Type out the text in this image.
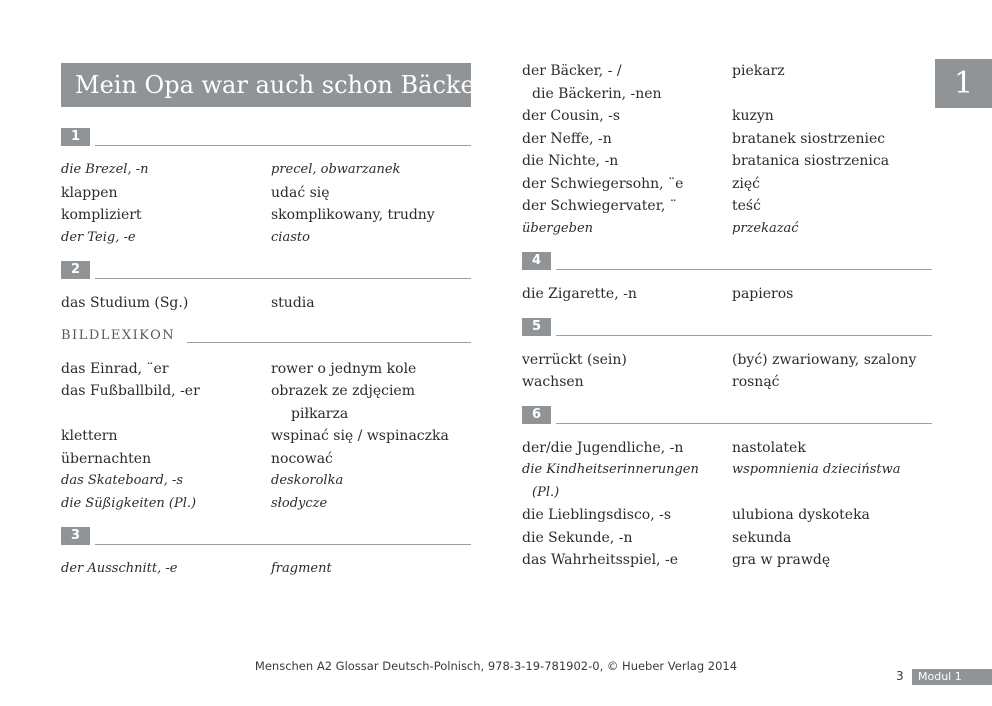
Mein Opa war auch schon Bäcker.	1
1
die Brezel, -n	precel, obwarzanek
klappen	udać się
kompliziert	skomplikowany, trudny
der Teig, -e	ciasto
2
das Studium (Sg.)	studia
BILDLEXIKON
das Einrad, ¨er	rower o jednym kole
das Fußballbild, -er	obrazek ze zdjęciem
piłkarza
klettern	wspinać się / wspinaczka
übernachten	nocować
das Skateboard, -s	deskorolka
die Süßigkeiten (Pl.)	słodycze
3
der Ausschnitt, -e	fragment
der Bäcker, - /	piekarz
die Bäckerin, -nen
der Cousin, -s	kuzyn
der Neffe, -n	bratanek siostrzeniec
die Nichte, -n	bratanica siostrzenica
der Schwiegersohn, ¨e	zięć
der Schwiegervater, ¨	teść
übergeben	przekazać
4
die Zigarette, -n	papieros
5
verrückt (sein)	(być) zwariowany, szalony
wachsen	rosnąć
6
der/die Jugendliche, -n	nastolatek
die Kindheitserinnerungen	wspomnienia dzieciństwa
(Pl.)
die Lieblingsdisco, -s	ulubiona dyskoteka
die Sekunde, -n	sekunda
das Wahrheitsspiel, -e	gra w prawdę
Menschen A2 Glossar Deutsch-Polnisch, 978-3-19-781902-0, © Hueber Verlag 2014
3	Modul 1
